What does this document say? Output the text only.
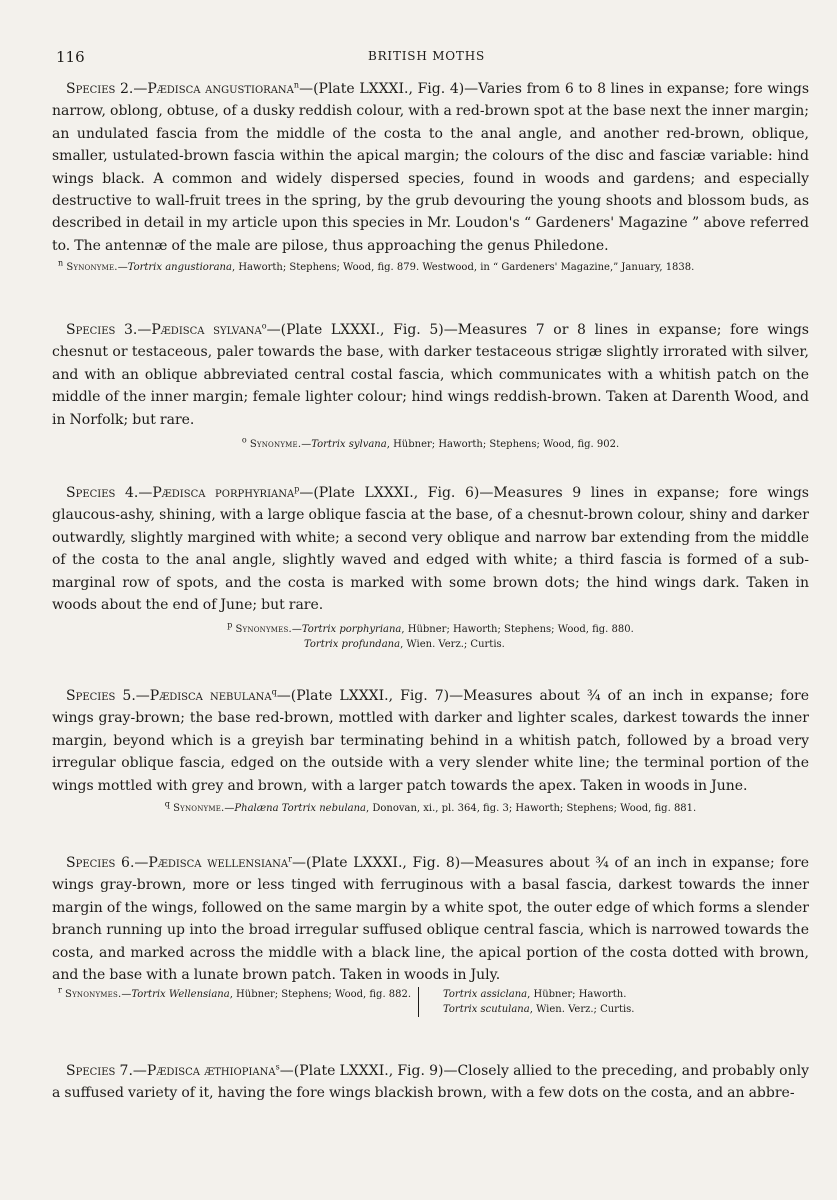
116	BRITISH MOTHS

Species 2.—Pædisca angustiorana$^n$—(Plate LXXXI., Fig. 4)—Varies from 6 to 8 lines in expanse; fore wings narrow, oblong, obtuse, of a dusky reddish colour, with a red-brown spot at the base next the inner margin; an undulated fascia from the middle of the costa to the anal angle, and another red-brown, oblique, smaller, ustulated-brown fascia within the apical margin; the colours of the disc and fasciæ variable: hind wings black. A common and widely dispersed species, found in woods and gardens; and especially destructive to wall-fruit trees in the spring, by the grub devouring the young shoots and blossom buds, as described in detail in my article upon this species in Mr. Loudon's “ Gardeners' Magazine ” above referred to. The antennæ of the male are pilose, thus approaching the genus Philedone.

$^n$ Synonyme.—Tortrix angustiorana, Haworth; Stephens; Wood, fig. 879. Westwood, in “ Gardeners' Magazine,” January, 1838.

Species 3.—Pædisca sylvana$^o$—(Plate LXXXI., Fig. 5)—Measures 7 or 8 lines in expanse; fore wings chesnut or testaceous, paler towards the base, with darker testaceous strigæ slightly irrorated with silver, and with an oblique abbreviated central costal fascia, which communicates with a whitish patch on the middle of the inner margin; female lighter colour; hind wings reddish-brown. Taken at Darenth Wood, and in Norfolk; but rare.

$^o$ Synonyme.—Tortrix sylvana, Hübner; Haworth; Stephens; Wood, fig. 902.

Species 4.—Pædisca porphyriana$^p$—(Plate LXXXI., Fig. 6)—Measures 9 lines in expanse; fore wings glaucous-ashy, shining, with a large oblique fascia at the base, of a chesnut-brown colour, shiny and darker outwardly, slightly margined with white; a second very oblique and narrow bar extending from the middle of the costa to the anal angle, slightly waved and edged with white; a third fascia is formed of a sub-marginal row of spots, and the costa is marked with some brown dots; the hind wings dark. Taken in woods about the end of June; but rare.

$^p$ Synonymes.—Tortrix porphyriana, Hübner; Haworth; Stephens; Wood, fig. 880.

Tortrix profundana, Wien. Verz.; Curtis.

Species 5.—Pædisca nebulana$^q$—(Plate LXXXI., Fig. 7)—Measures about ¾ of an inch in expanse; fore wings gray-brown; the base red-brown, mottled with darker and lighter scales, darkest towards the inner margin, beyond which is a greyish bar terminating behind in a whitish patch, followed by a broad very irregular oblique fascia, edged on the outside with a very slender white line; the terminal portion of the wings mottled with grey and brown, with a larger patch towards the apex. Taken in woods in June.

$^q$ Synonyme.—Phalæna Tortrix nebulana, Donovan, xi., pl. 364, fig. 3; Haworth; Stephens; Wood, fig. 881.

Species 6.—Pædisca wellensiana$^r$—(Plate LXXXI., Fig. 8)—Measures about ¾ of an inch in expanse; fore wings gray-brown, more or less tinged with ferruginous with a basal fascia, darkest towards the inner margin of the wings, followed on the same margin by a white spot, the outer edge of which forms a slender branch running up into the broad irregular suffused oblique central fascia, which is narrowed towards the costa, and marked across the middle with a black line, the apical portion of the costa dotted with brown, and the base with a lunate brown patch. Taken in woods in July.

$^r$ Synonymes.—Tortrix Wellensiana, Hübner; Stephens; Wood, fig. 882.	Tortrix assiclana, Hübner; Haworth.

Tortrix scutulana, Wien. Verz.; Curtis.

Species 7.—Pædisca æthiopiana$^s$—(Plate LXXXI., Fig. 9)—Closely allied to the preceding, and probably only a suffused variety of it, having the fore wings blackish brown, with a few dots on the costa, and an abbre-
